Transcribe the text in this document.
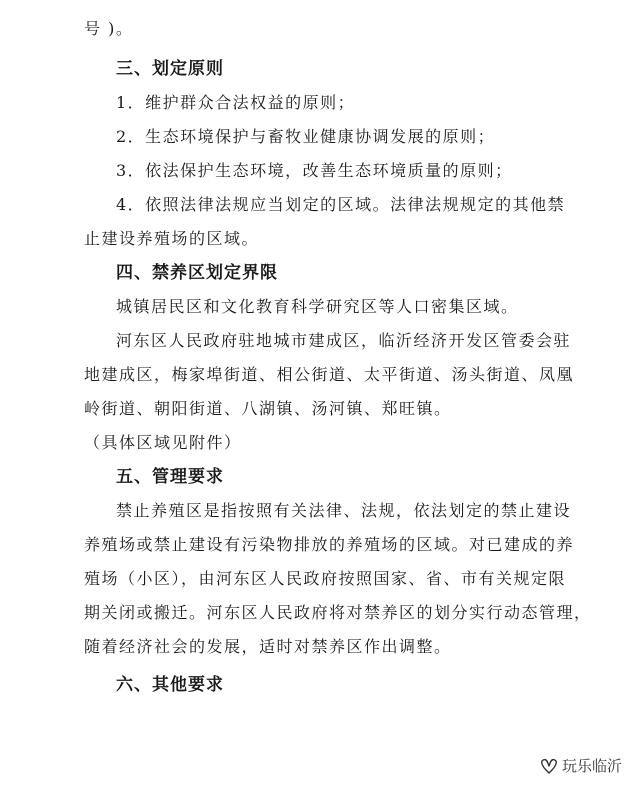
号 )。
三、划定原则
1．维护群众合法权益的原则；
2．生态环境保护与畜牧业健康协调发展的原则；
3．依法保护生态环境，改善生态环境质量的原则；
4．依照法律法规应当划定的区域。法律法规规定的其他禁
止建设养殖场的区域。
四、禁养区划定界限
城镇居民区和文化教育科学研究区等人口密集区域。
河东区人民政府驻地城市建成区，临沂经济开发区管委会驻
地建成区，梅家埠街道、相公街道、太平街道、汤头街道、凤凰
岭街道、朝阳街道、八湖镇、汤河镇、郑旺镇。
（具体区域见附件）
五、管理要求
禁止养殖区是指按照有关法律、法规，依法划定的禁止建设
养殖场或禁止建设有污染物排放的养殖场的区域。对已建成的养
殖场（小区），由河东区人民政府按照国家、省、市有关规定限
期关闭或搬迁。河东区人民政府将对禁养区的划分实行动态管理，
随着经济社会的发展，适时对禁养区作出调整。
六、其他要求
玩乐临沂
